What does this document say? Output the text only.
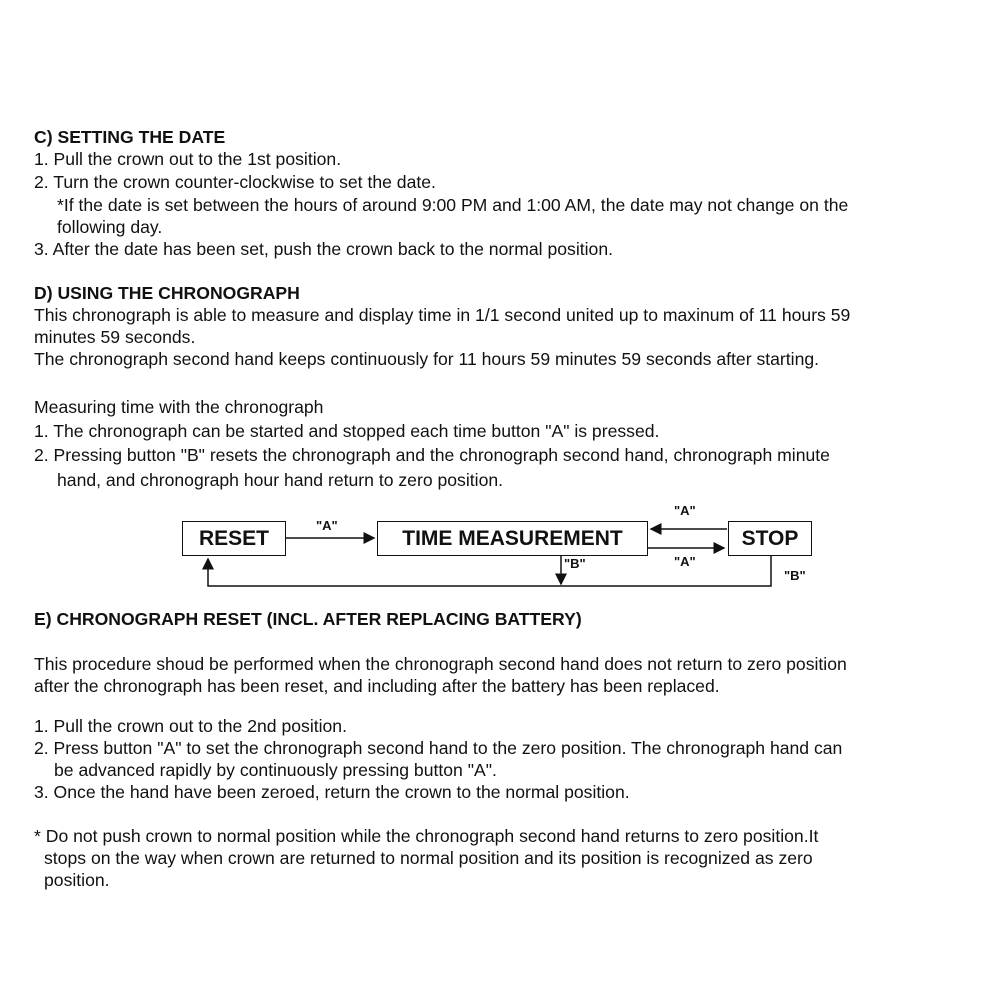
C) SETTING THE DATE
1. Pull the crown out to the 1st position.
2. Turn the crown counter-clockwise to set the date.
*If the date is set between the hours of around 9:00 PM and 1:00 AM, the date may not change on the
following day.
3. After the date has been set, push the crown back to the normal position.
D) USING THE CHRONOGRAPH
This chronograph is able to measure and display time in 1/1 second united up to maxinum of 11 hours 59
minutes 59 seconds.
The chronograph second hand keeps continuously for 11 hours 59 minutes 59 seconds after starting.
Measuring time with the chronograph
1. The chronograph can be started and stopped each time button "A" is pressed.
2. Pressing button "B" resets the chronograph and the chronograph second hand, chronograph minute
hand, and chronograph hour hand return to zero position.
RESET	TIME MEASUREMENT	STOP
"A"
"A"
"A"
"B"
"B"
E) CHRONOGRAPH RESET (INCL. AFTER REPLACING BATTERY)
This procedure shoud be performed when the chronograph second hand does not return to zero position
after the chronograph has been reset, and including after the battery has been replaced.
1. Pull the crown out to the 2nd position.
2. Press button "A" to set the chronograph second hand to the zero position. The chronograph hand can
be advanced rapidly by continuously pressing button "A".
3. Once the hand have been zeroed, return the crown to the normal position.
* Do not push crown to normal position while the chronograph second hand returns to zero position.It
stops on the way when crown are returned to normal position and its position is recognized as zero
position.
